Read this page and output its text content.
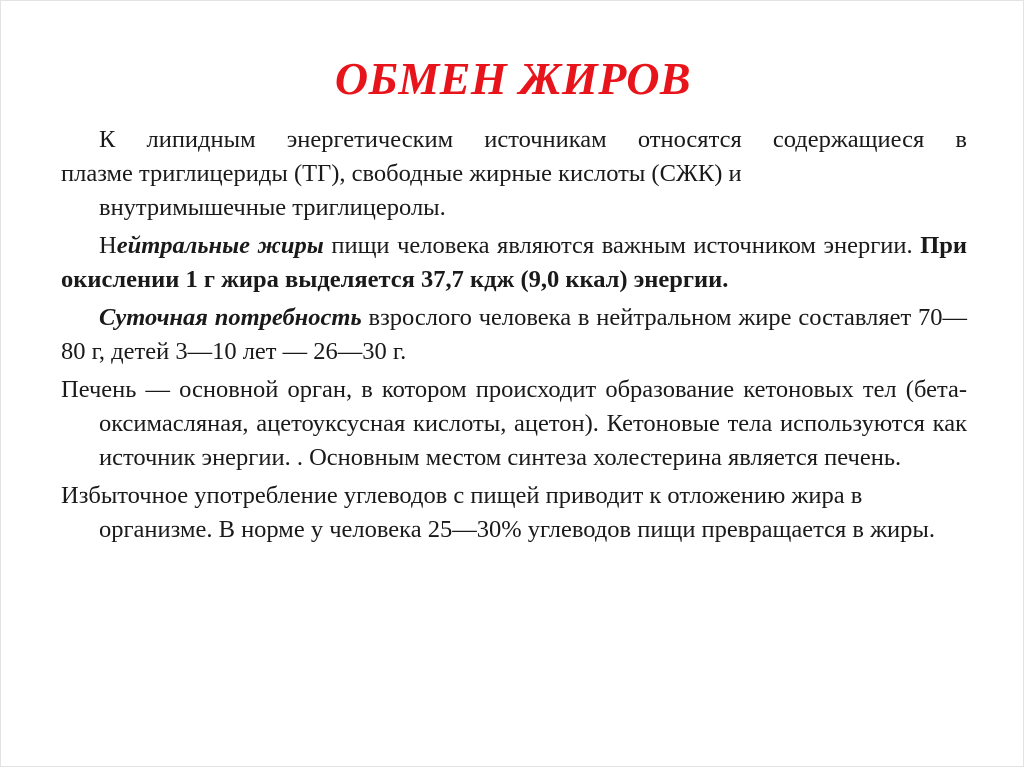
ОБМЕН ЖИРОВ
К липидным энергетическим источникам относятся содержащиеся в
плазме триглицериды (ТГ), свободные жирные кислоты (СЖК) и
внутримышечные триглицеролы.
Нейтральные жиры пищи человека являются важным источником энергии. При окислении 1 г жира выделяется 37,7 кдж (9,0 ккал) энергии.
Суточная потребность взрослого человека в нейтральном жире составляет 70—80 г, детей 3—10 лет — 26—30 г.
Печень — основной орган, в котором происходит образование кетоновых тел (бета-оксимасляная, ацетоуксусная кислоты, ацетон). Кетоновые тела используются как источник энергии. . Основным местом синтеза холестерина является печень.
Избыточное употребление углеводов с пищей приводит к отложению жира в организме. В норме у человека 25—30% углеводов пищи превращается в жиры.
